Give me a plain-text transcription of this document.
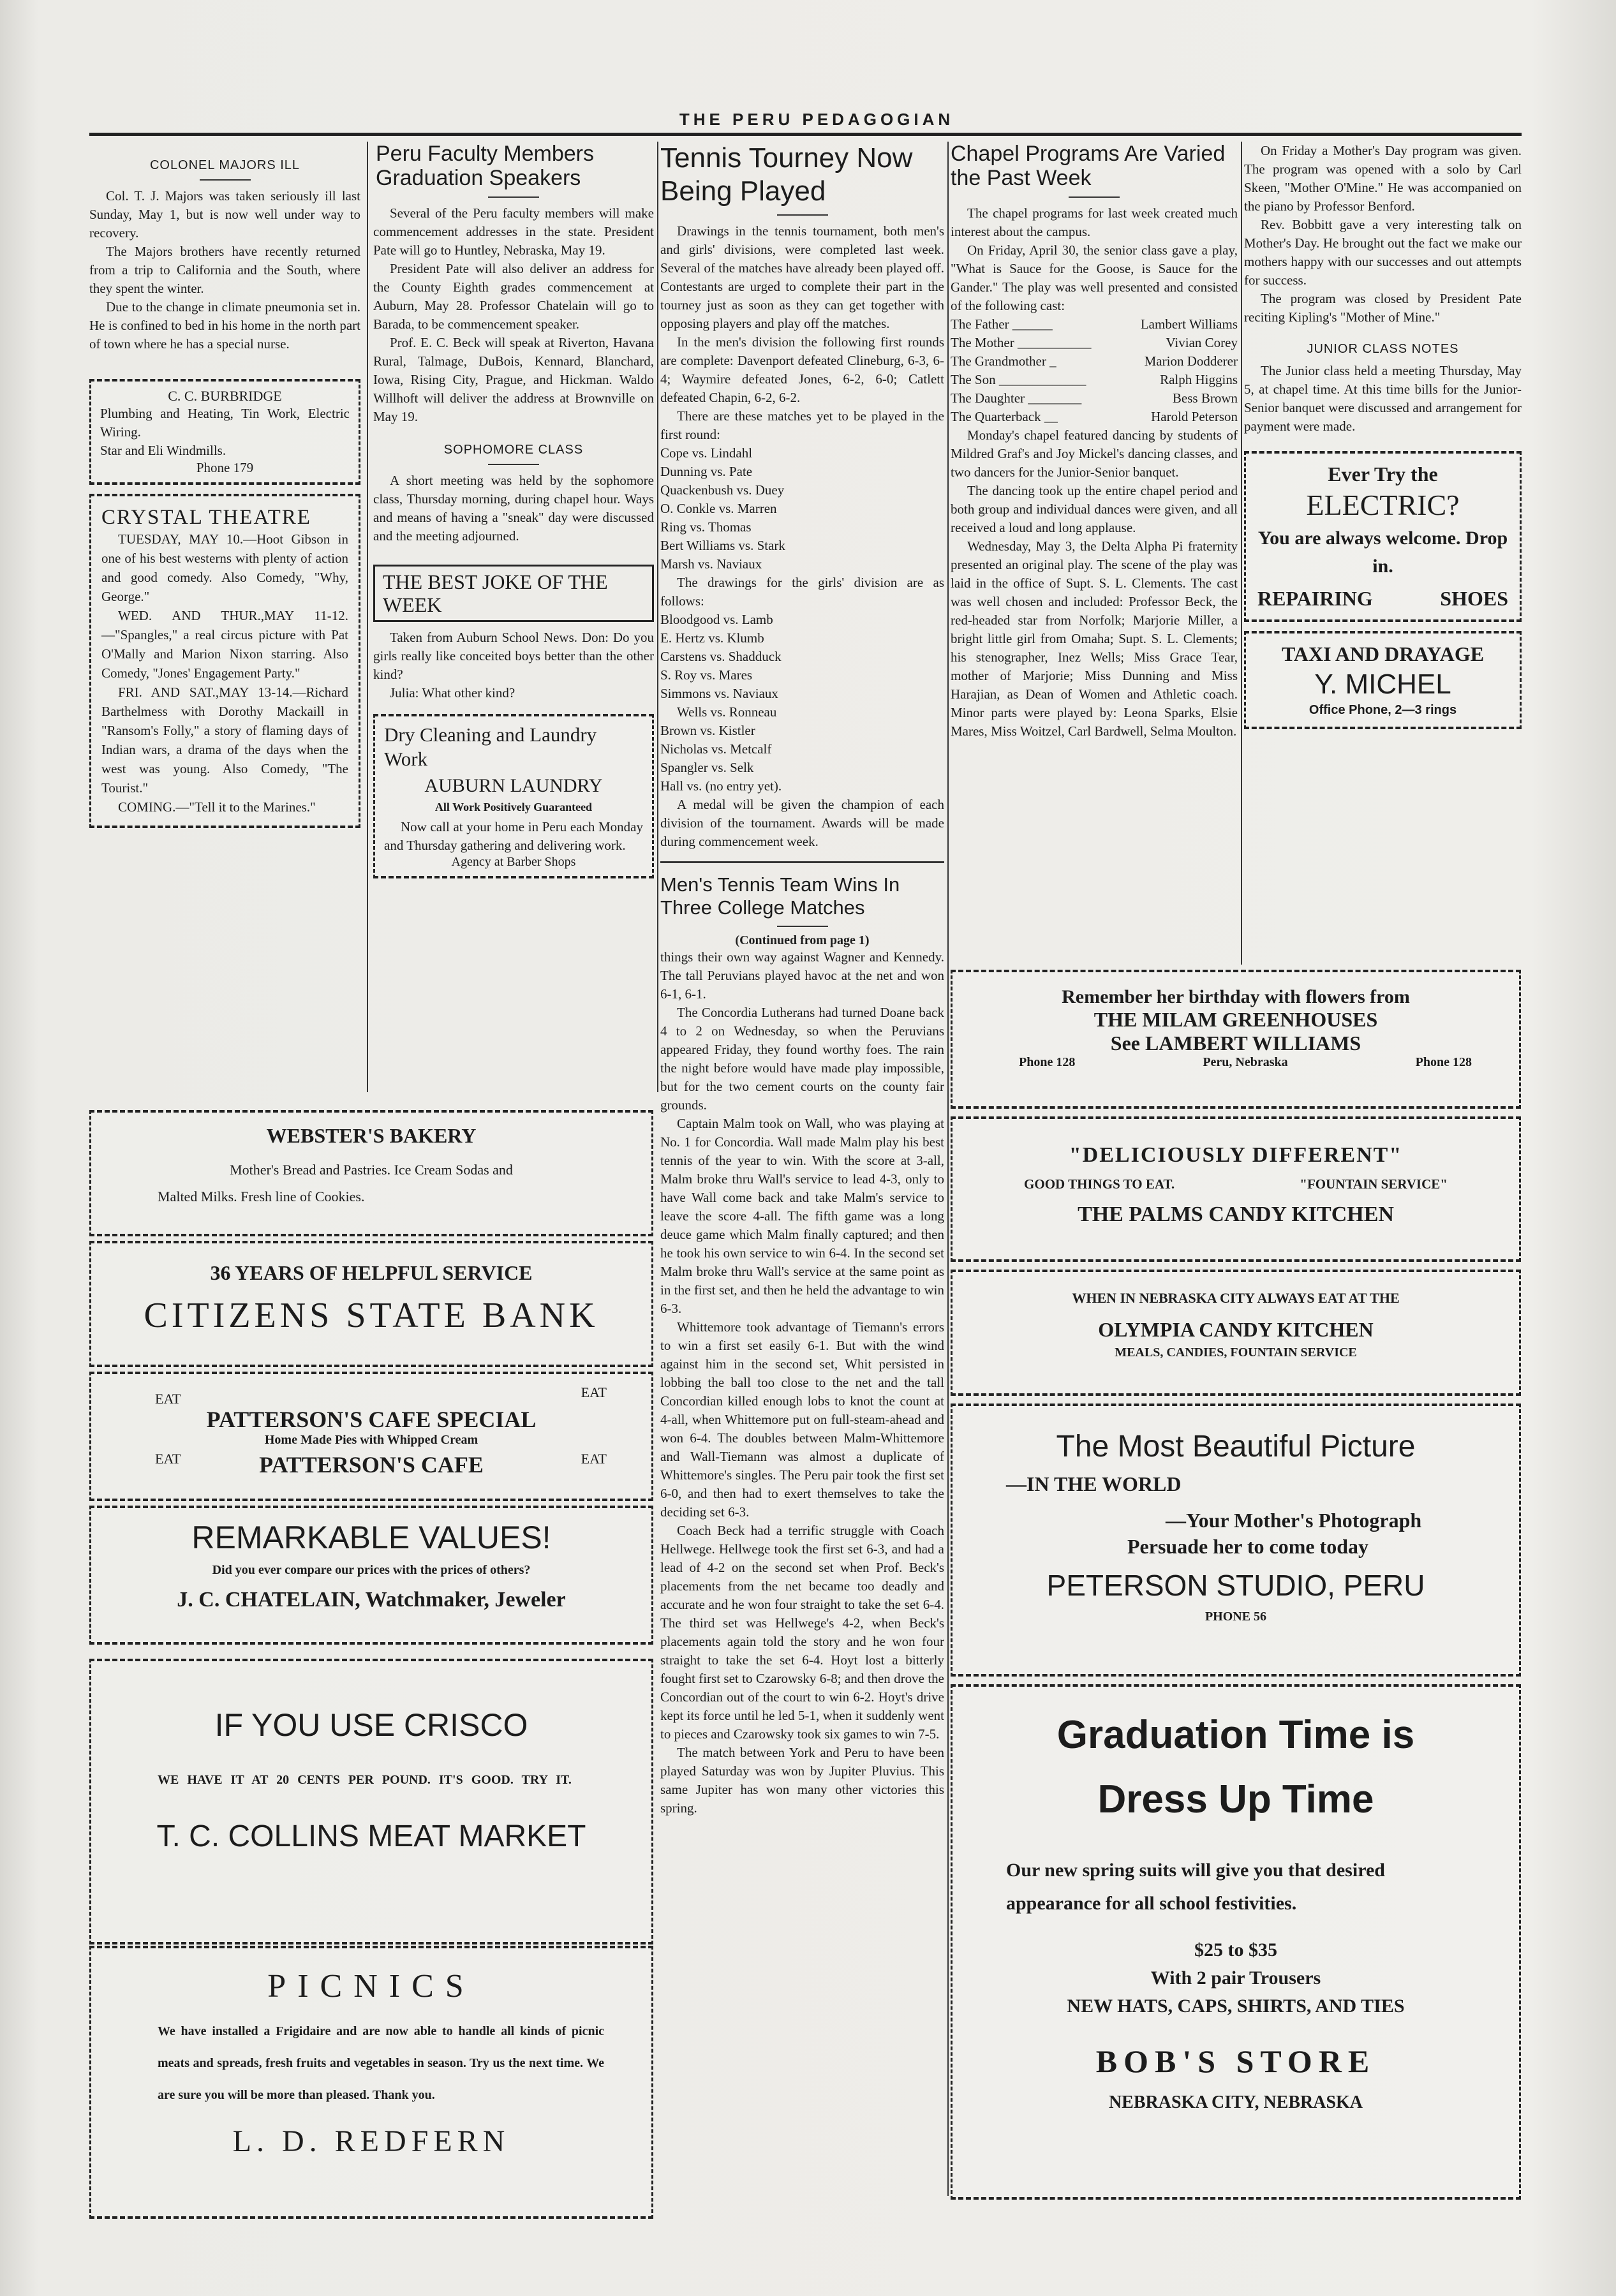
THE PERU PEDAGOGIAN
COLONEL MAJORS ILL

Col. T. J. Majors was taken seriously ill last Sunday, May 1, but is now well under way to recovery.

The Majors brothers have recently returned from a trip to California and the South, where they spent the winter.

Due to the change in climate pneumonia set in. He is confined to bed in his home in the north part of town where he has a special nurse.

C. C. BURBRIDGE

Plumbing and Heating, Tin Work, Electric Wiring.

Star and Eli Windmills.

Phone 179
CRYSTAL THEATRE

TUESDAY, MAY 10.—Hoot Gibson in one of his best westerns with plenty of action and good comedy. Also Comedy, "Why, George."

WED. AND THUR.,MAY 11-12.—"Spangles," a real circus picture with Pat O'Mally and Marion Nixon starring. Also Comedy, "Jones' Engagement Party."

FRI. AND SAT.,MAY 13-14.—Richard Barthelmess with Dorothy Mackaill in "Ransom's Folly," a story of flaming days of Indian wars, a drama of the days when the west was young. Also Comedy, "The Tourist."

COMING.—"Tell it to the Marines."

Peru Faculty Members Graduation Speakers

Several of the Peru faculty members will make commencement addresses in the state. President Pate will go to Huntley, Nebraska, May 19.

President Pate will also deliver an address for the County Eighth grades commencement at Auburn, May 28. Professor Chatelain will go to Barada, to be commencement speaker.

Prof. E. C. Beck will speak at Riverton, Havana Rural, Talmage, DuBois, Kennard, Blanchard, Iowa, Rising City, Prague, and Hickman. Waldo Willhoft will deliver the address at Brownville on May 19.

SOPHOMORE CLASS

A short meeting was held by the sophomore class, Thursday morning, during chapel hour. Ways and means of having a "sneak" day were discussed and the meeting adjourned.

THE BEST JOKE OF THE WEEK

Taken from Auburn School News. Don: Do you girls really like conceited boys better than the other kind?

Julia: What other kind?

Dry Cleaning and Laundry Work
AUBURN LAUNDRY
All Work Positively Guaranteed

Now call at your home in Peru each Monday and Thursday gathering and delivering work.

Agency at Barber Shops
Tennis Tourney Now Being Played

Drawings in the tennis tournament, both men's and girls' divisions, were completed last week. Several of the matches have already been played off. Contestants are urged to complete their part in the tourney just as soon as they can get together with opposing players and play off the matches.

In the men's division the following first rounds are complete: Davenport defeated Clineburg, 6-3, 6-4; Waymire defeated Jones, 6-2, 6-0; Catlett defeated Chapin, 6-2, 6-2.

There are these matches yet to be played in the first round:

Cope vs. Lindahl

Dunning vs. Pate

Quackenbush vs. Duey

O. Conkle vs. Marren

Ring vs. Thomas

Bert Williams vs. Stark

Marsh vs. Naviaux

The drawings for the girls' division are as follows:

Bloodgood vs. Lamb

E. Hertz vs. Klumb

Carstens vs. Shadduck

S. Roy vs. Mares

Simmons vs. Naviaux

Wells vs. Ronneau

Brown vs. Kistler

Nicholas vs. Metcalf

Spangler vs. Selk

Hall vs. (no entry yet).

A medal will be given the champion of each division of the tournament. Awards will be made during commencement week.

Men's Tennis Team Wins In Three College Matches
(Continued from page 1)

things their own way against Wagner and Kennedy. The tall Peruvians played havoc at the net and won 6-1, 6-1.

The Concordia Lutherans had turned Doane back 4 to 2 on Wednesday, so when the Peruvians appeared Friday, they found worthy foes. The rain the night before would have made play impossible, but for the two cement courts on the county fair grounds.

Captain Malm took on Wall, who was playing at No. 1 for Concordia. Wall made Malm play his best tennis of the year to win. With the score at 3-all, Malm broke thru Wall's service to lead 4-3, only to have Wall come back and take Malm's service to leave the score 4-all. The fifth game was a long deuce game which Malm finally captured; and then he took his own service to win 6-4. In the second set Malm broke thru Wall's service at the same point as in the first set, and then he held the advantage to win 6-3.

Whittemore took advantage of Tiemann's errors to win a first set easily 6-1. But with the wind against him in the second set, Whit persisted in lobbing the ball too close to the net and the tall Concordian killed enough lobs to knot the count at 4-all, when Whittemore put on full-steam-ahead and won 6-4. The doubles between Malm-Whittemore and Wall-Tiemann was almost a duplicate of Whittemore's singles. The Peru pair took the first set 6-0, and then had to exert themselves to take the deciding set 6-3.

Coach Beck had a terrific struggle with Coach Hellwege. Hellwege took the first set 6-3, and had a lead of 4-2 on the second set when Prof. Beck's placements from the net became too deadly and accurate and he won four straight to take the set 6-4. The third set was Hellwege's 4-2, when Beck's placements again told the story and he won four straight to take the set 6-4. Hoyt lost a bitterly fought first set to Czarowsky 6-8; and then drove the Concordian out of the court to win 6-2. Hoyt's drive kept its force until he led 5-1, when it suddenly went to pieces and Czarowsky took six games to win 7-5.

The match between York and Peru to have been played Saturday was won by Jupiter Pluvius. This same Jupiter has won many other victories this spring.

Chapel Programs Are Varied the Past Week

The chapel programs for last week created much interest about the campus.

On Friday, April 30, the senior class gave a play, "What is Sauce for the Goose, is Sauce for the Gander." The play was well presented and consisted of the following cast:

The Father ______	Lambert Williams
The Mother ___________	Vivian Corey
The Grandmother _	Marion Dodderer
The Son _____________	Ralph Higgins
The Daughter ________	Bess Brown
The Quarterback __	Harold Peterson

Monday's chapel featured dancing by students of Mildred Graf's and Joy Mickel's dancing classes, and two dancers for the Junior-Senior banquet.

The dancing took up the entire chapel period and both group and individual dances were given, and all received a loud and long applause.

Wednesday, May 3, the Delta Alpha Pi fraternity presented an original play. The scene of the play was laid in the office of Supt. S. L. Clements. The cast was well chosen and included: Professor Beck, the red-headed star from Norfolk; Marjorie Miller, a bright little girl from Omaha; Supt. S. L. Clements; his stenographer, Inez Wells; Miss Grace Tear, mother of Marjorie; Miss Dunning and Miss Harajian, as Dean of Women and Athletic coach. Minor parts were played by: Leona Sparks, Elsie Mares, Miss Woitzel, Carl Bardwell, Selma Moulton.

On Friday a Mother's Day program was given. The program was opened with a solo by Carl Skeen, "Mother O'Mine." He was accompanied on the piano by Professor Benford.

Rev. Bobbitt gave a very interesting talk on Mother's Day. He brought out the fact we make our mothers happy with our successes and out attempts for success.

The program was closed by President Pate reciting Kipling's "Mother of Mine."

JUNIOR CLASS NOTES

The Junior class held a meeting Thursday, May 5, at chapel time. At this time bills for the Junior-Senior banquet were discussed and arrangement for payment were made.

Ever Try the
ELECTRIC?
You are always welcome. Drop in.
REPAIRING	SHOES
TAXI AND DRAYAGE
Y. MICHEL
Office Phone, 2—3 rings
WEBSTER'S BAKERY
Mother's Bread and Pastries. Ice Cream Sodas and
Malted Milks. Fresh line of Cookies.
36 YEARS OF HELPFUL SERVICE
CITIZENS STATE BANK
EAT	EAT
PATTERSON'S CAFE SPECIAL
Home Made Pies with Whipped Cream
EAT	EAT
PATTERSON'S CAFE
REMARKABLE VALUES!
Did you ever compare our prices with the prices of others?
J. C. CHATELAIN, Watchmaker, Jeweler
IF YOU USE CRISCO
WE HAVE IT AT 20 CENTS PER POUND. IT'S GOOD. TRY IT.
T. C. COLLINS MEAT MARKET
PICNICS
We have installed a Frigidaire and are now able to handle all kinds of picnic meats and spreads, fresh fruits and vegetables in season. Try us the next time. We are sure you will be more than pleased. Thank you.
L. D. REDFERN
Remember her birthday with flowers from
THE MILAM GREENHOUSES
See LAMBERT WILLIAMS
Phone 128	Peru, Nebraska	Phone 128
"DELICIOUSLY DIFFERENT"
GOOD THINGS TO EAT.	"FOUNTAIN SERVICE"
THE PALMS CANDY KITCHEN
WHEN IN NEBRASKA CITY ALWAYS EAT AT THE
OLYMPIA CANDY KITCHEN
MEALS, CANDIES, FOUNTAIN SERVICE
The Most Beautiful Picture
—IN THE WORLD
—Your Mother's Photograph
Persuade her to come today
PETERSON STUDIO, PERU
PHONE 56
Graduation Time is
Dress Up Time
Our new spring suits will give you that desired appearance for all school festivities.
$25 to $35
With 2 pair Trousers
NEW HATS, CAPS, SHIRTS, AND TIES
BOB'S STORE
NEBRASKA CITY, NEBRASKA
